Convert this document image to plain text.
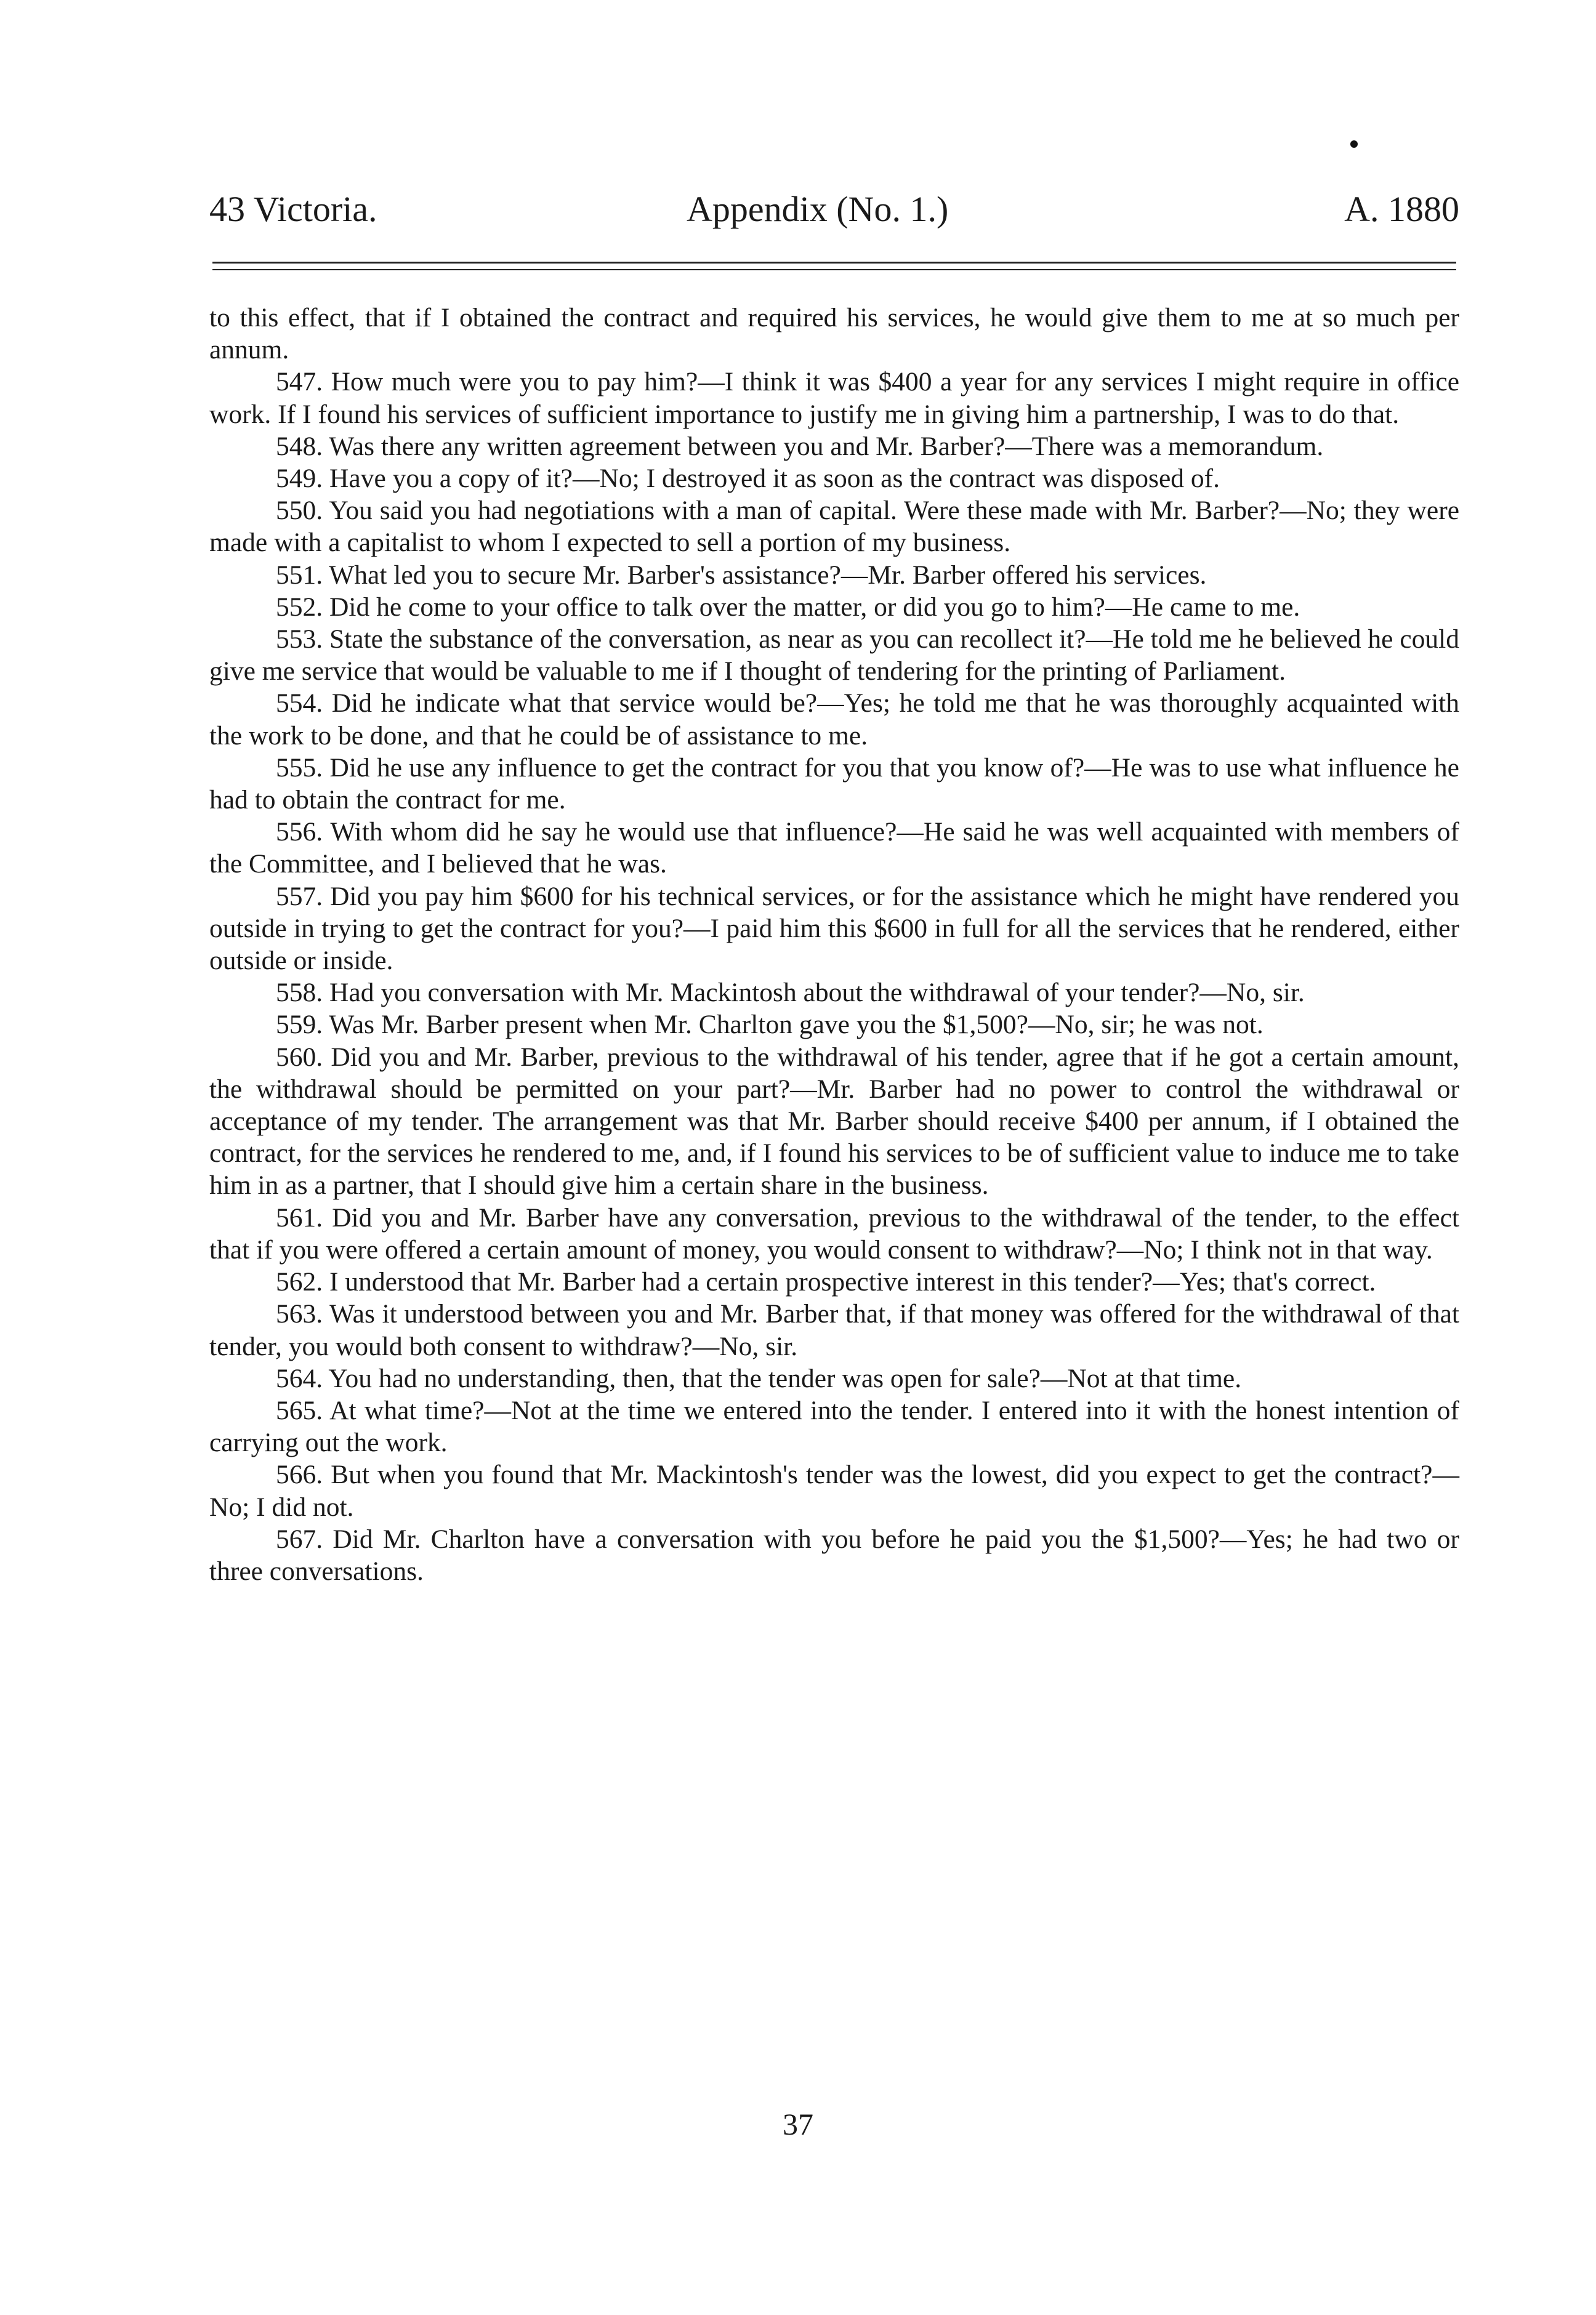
43 Victoria.	Appendix (No. 1.)	A. 1880

to this effect, that if I obtained the contract and required his services, he would give them to me at so much per annum.

547. How much were you to pay him?—I think it was $400 a year for any services I might require in office work. If I found his services of sufficient importance to justify me in giving him a partnership, I was to do that.

548. Was there any written agreement between you and Mr. Barber?—There was a memorandum.

549. Have you a copy of it?—No; I destroyed it as soon as the contract was disposed of.

550. You said you had negotiations with a man of capital. Were these made with Mr. Barber?—No; they were made with a capitalist to whom I expected to sell a portion of my business.

551. What led you to secure Mr. Barber's assistance?—Mr. Barber offered his services.

552. Did he come to your office to talk over the matter, or did you go to him?—He came to me.

553. State the substance of the conversation, as near as you can recollect it?—He told me he believed he could give me service that would be valuable to me if I thought of tendering for the printing of Parliament.

554. Did he indicate what that service would be?—Yes; he told me that he was thoroughly acquainted with the work to be done, and that he could be of assistance to me.

555. Did he use any influence to get the contract for you that you know of?—He was to use what influence he had to obtain the contract for me.

556. With whom did he say he would use that influence?—He said he was well acquainted with members of the Committee, and I believed that he was.

557. Did you pay him $600 for his technical services, or for the assistance which he might have rendered you outside in trying to get the contract for you?—I paid him this $600 in full for all the services that he rendered, either outside or inside.

558. Had you conversation with Mr. Mackintosh about the withdrawal of your tender?—No, sir.

559. Was Mr. Barber present when Mr. Charlton gave you the $1,500?—No, sir; he was not.

560. Did you and Mr. Barber, previous to the withdrawal of his tender, agree that if he got a certain amount, the withdrawal should be permitted on your part?—Mr. Barber had no power to control the withdrawal or acceptance of my tender. The arrangement was that Mr. Barber should receive $400 per annum, if I obtained the contract, for the services he rendered to me, and, if I found his services to be of sufficient value to induce me to take him in as a partner, that I should give him a certain share in the business.

561. Did you and Mr. Barber have any conversation, previous to the withdrawal of the tender, to the effect that if you were offered a certain amount of money, you would consent to withdraw?—No; I think not in that way.

562. I understood that Mr. Barber had a certain prospective interest in this tender?—Yes; that's correct.

563. Was it understood between you and Mr. Barber that, if that money was offered for the withdrawal of that tender, you would both consent to withdraw?—No, sir.

564. You had no understanding, then, that the tender was open for sale?—Not at that time.

565. At what time?—Not at the time we entered into the tender. I entered into it with the honest intention of carrying out the work.

566. But when you found that Mr. Mackintosh's tender was the lowest, did you expect to get the contract?—No; I did not.

567. Did Mr. Charlton have a conversation with you before he paid you the $1,500?—Yes; he had two or three conversations.

37
